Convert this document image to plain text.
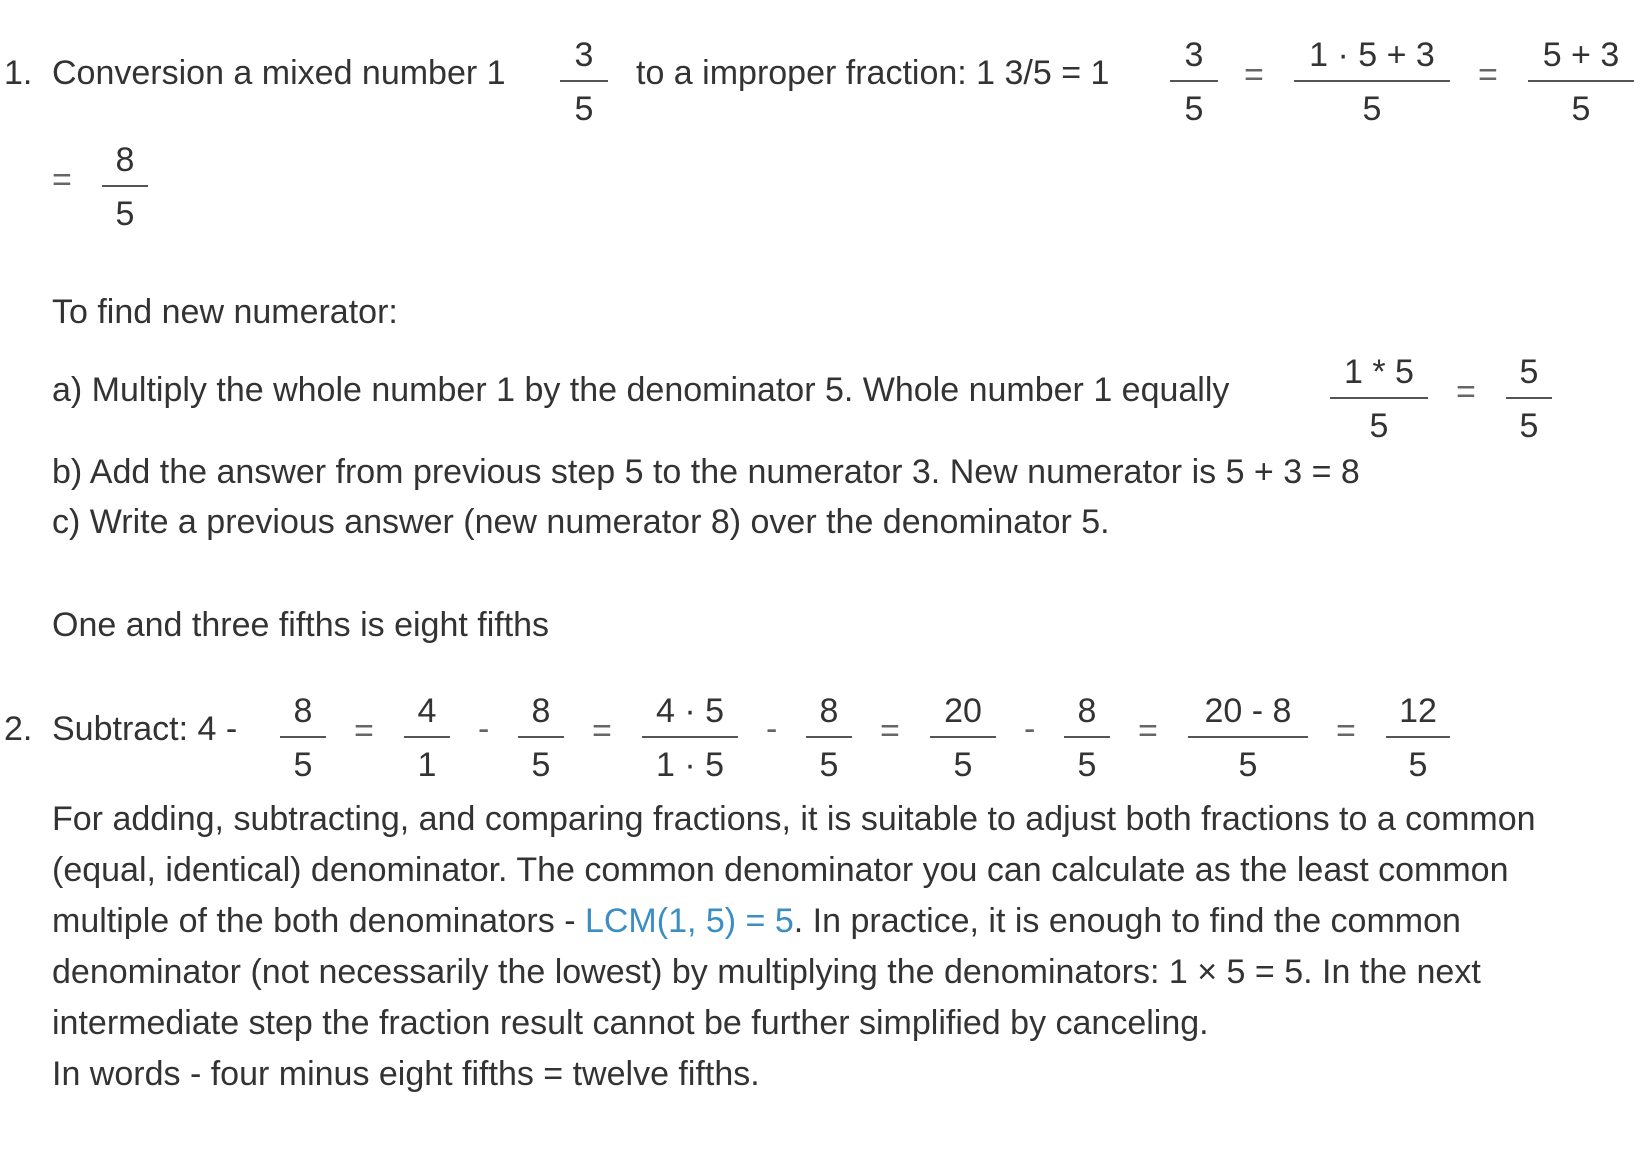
1. Conversion a mixed number 1	3
5
to a improper fraction: 1 3/5 = 1	3
5
=
1 · 5 + 3
5
=
5 + 3
5
=
8
5
To find new numerator:
a) Multiply the whole number 1 by the denominator 5. Whole number 1 equally	1 * 5
5
=
5
5
b) Add the answer from previous step 5 to the numerator 3. New numerator is 5 + 3 = 8
c) Write a previous answer (new numerator 8) over the denominator 5.
One and three fifths is eight fifths
2. Subtract: 4 -	8
5
=
4
1
-	8
5
=
4 · 5
1 · 5
-	8
5
=
20
5
-	8
5
=
20 - 8
5
=
12
5
For adding, subtracting, and comparing fractions, it is suitable to adjust both fractions to a common
(equal, identical) denominator. The common denominator you can calculate as the least common
multiple of the both denominators - LCM(1, 5) = 5. In practice, it is enough to find the common
denominator (not necessarily the lowest) by multiplying the denominators: 1 × 5 = 5. In the next
intermediate step the fraction result cannot be further simplified by canceling.
In words - four minus eight fifths = twelve fifths.
